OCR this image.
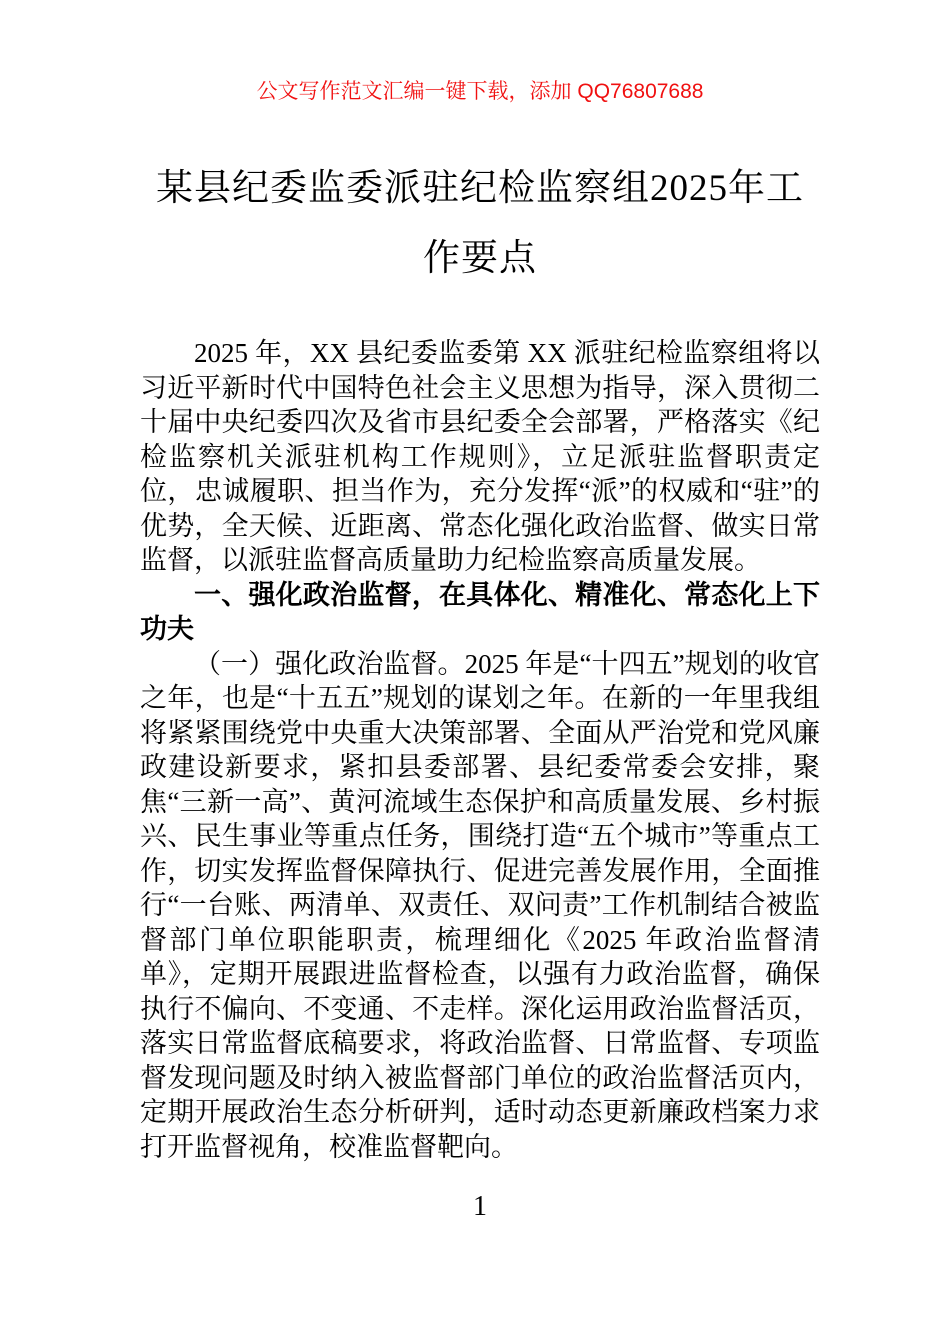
公文写作范文汇编一键下载，添加 QQ76807688
某县纪委监委派驻纪检监察组2025年工作要点

2025 年，XX 县纪委监委第 XX 派驻纪检监察组将以习近平新时代中国特色社会主义思想为指导，深入贯彻二十届中央纪委四次及省市县纪委全会部署，严格落实《纪检监察机关派驻机构工作规则》，立足派驻监督职责定位，忠诚履职、担当作为，充分发挥“派”的权威和“驻”的优势，全天候、近距离、常态化强化政治监督、做实日常监督，以派驻监督高质量助力纪检监察高质量发展。

一、强化政治监督，在具体化、精准化、常态化上下功夫

（一）强化政治监督。2025 年是“十四五”规划的收官之年，也是“十五五”规划的谋划之年。在新的一年里我组将紧紧围绕党中央重大决策部署、全面从严治党和党风廉政建设新要求，紧扣县委部署、县纪委常委会安排，聚焦“三新一高”、黄河流域生态保护和高质量发展、乡村振兴、民生事业等重点任务，围绕打造“五个城市”等重点工作，切实发挥监督保障执行、促进完善发展作用，全面推行“一台账、两清单、双责任、双问责”工作机制结合被监督部门单位职能职责，梳理细化《2025 年政治监督清单》，定期开展跟进监督检查，以强有力政治监督，确保执行不偏向、不变通、不走样。深化运用政治监督活页，落实日常监督底稿要求，将政治监督、日常监督、专项监督发现问题及时纳入被监督部门单位的政治监督活页内，定期开展政治生态分析研判，适时动态更新廉政档案力求打开监督视角，校准监督靶向。

1
